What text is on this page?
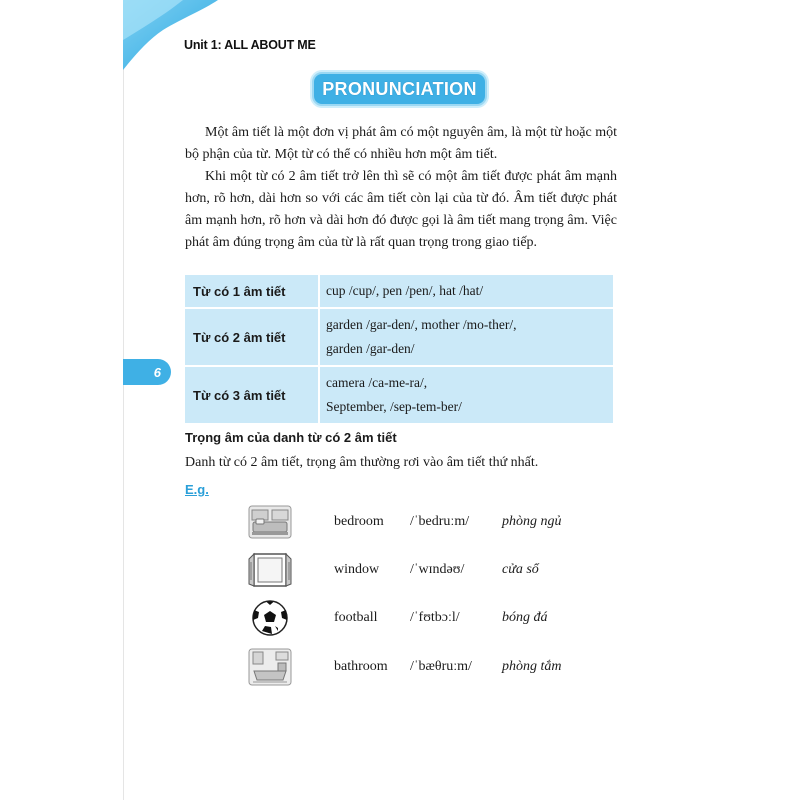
Unit 1: ALL ABOUT ME
PRONUNCIATION
Một âm tiết là một đơn vị phát âm có một nguyên âm, là một từ hoặc một bộ phận của từ. Một từ có thể có nhiều hơn một âm tiết.
Khi một từ có 2 âm tiết trở lên thì sẽ có một âm tiết được phát âm mạnh hơn, rõ hơn, dài hơn so với các âm tiết còn lại của từ đó. Âm tiết được phát âm mạnh hơn, rõ hơn và dài hơn đó được gọi là âm tiết mang trọng âm. Việc phát âm đúng trọng âm của từ là rất quan trọng trong giao tiếp.
Từ có 1 âm tiết	cup /cup/, pen /pen/, hat /hat/

Từ có 2 âm tiết	garden /gar-den/, mother /mo-ther/,
garden /gar-den/

Từ có 3 âm tiết	camera /ca-me-ra/,
September, /sep-tem-ber/
6
Trọng âm của danh từ có 2 âm tiết
Danh từ có 2 âm tiết, trọng âm thường rơi vào âm tiết thứ nhất.
E.g.
bedroom /ˈbedruːm/ phòng ngủ
window /ˈwɪndəʊ/	cửa sổ
football /ˈfʊtbɔːl/	bóng đá
bathroom /ˈbæθruːm/ phòng tắm
